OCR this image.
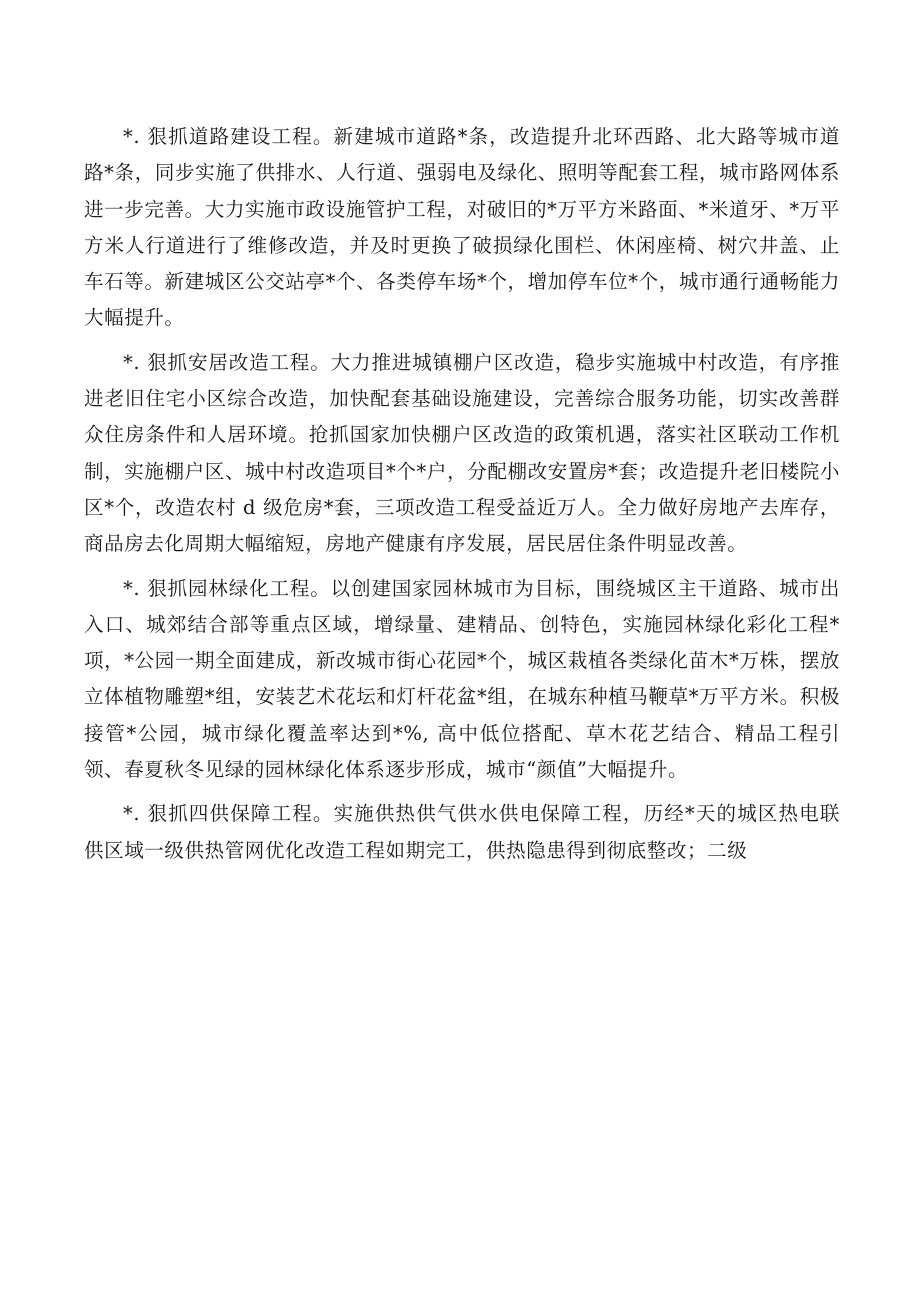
*. 狠抓道路建设工程。新建城市道路*条，改造提升北环西路、北大路等城市道路*条，同步实施了供排水、人行道、强弱电及绿化、照明等配套工程，城市路网体系进一步完善。大力实施市政设施管护工程，对破旧的*万平方米路面、*米道牙、*万平方米人行道进行了维修改造，并及时更换了破损绿化围栏、休闲座椅、树穴井盖、止车石等。新建城区公交站亭*个、各类停车场*个，增加停车位*个，城市通行通畅能力大幅提升。

*. 狠抓安居改造工程。大力推进城镇棚户区改造，稳步实施城中村改造，有序推进老旧住宅小区综合改造，加快配套基础设施建设，完善综合服务功能，切实改善群众住房条件和人居环境。抢抓国家加快棚户区改造的政策机遇，落实社区联动工作机制，实施棚户区、城中村改造项目*个*户，分配棚改安置房*套；改造提升老旧楼院小区*个，改造农村 d 级危房*套，三项改造工程受益近万人。全力做好房地产去库存，商品房去化周期大幅缩短，房地产健康有序发展，居民居住条件明显改善。

*. 狠抓园林绿化工程。以创建国家园林城市为目标，围绕城区主干道路、城市出入口、城郊结合部等重点区域，增绿量、建精品、创特色，实施园林绿化彩化工程*项，*公园一期全面建成，新改城市街心花园*个，城区栽植各类绿化苗木*万株，摆放立体植物雕塑*组，安装艺术花坛和灯杆花盆*组，在城东种植马鞭草*万平方米。积极接管*公园，城市绿化覆盖率达到*%, 高中低位搭配、草木花艺结合、精品工程引领、春夏秋冬见绿的园林绿化体系逐步形成，城市“颜值”大幅提升。

*. 狠抓四供保障工程。实施供热供气供水供电保障工程，历经*天的城区热电联供区域一级供热管网优化改造工程如期完工，供热隐患得到彻底整改；二级
